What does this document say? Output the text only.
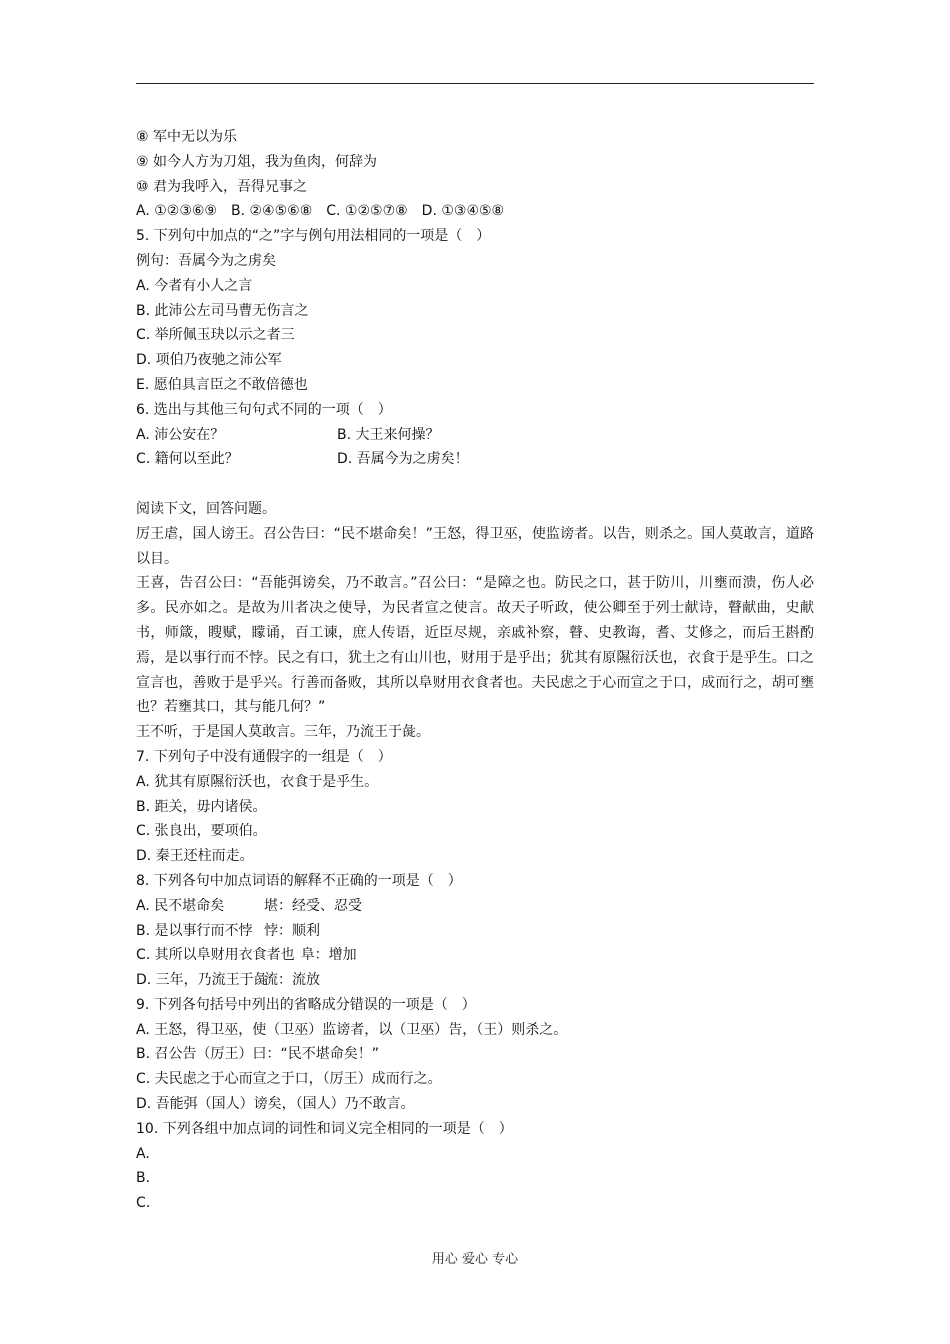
⑧ 军中无以为乐
⑨ 如今人方为刀俎，我为鱼肉，何辞为
⑩ 君为我呼入，吾得兄事之
A. ①②③⑥⑨　B. ②④⑤⑥⑧　C. ①②⑤⑦⑧　D. ①③④⑤⑧
5. 下列句中加点的“之”字与例句用法相同的一项是（　）
例句：吾属今为之虏矣
A. 今者有小人之言
B. 此沛公左司马曹无伤言之
C. 举所佩玉玦以示之者三
D. 项伯乃夜驰之沛公军
E. 愿伯具言臣之不敢倍德也
6. 选出与其他三句句式不同的一项（　）
A. 沛公安在？	B. 大王来何操？
C. 籍何以至此？	D. 吾属今为之虏矣！
阅读下文，回答问题。
厉王虐，国人谤王。召公告曰：“民不堪命矣！”王怒，得卫巫，使监谤者。以告，则杀之。国人莫敢言，道路以目。
王喜，告召公曰：“吾能弭谤矣，乃不敢言。”召公曰：“是障之也。防民之口，甚于防川，川壅而溃，伤人必多。民亦如之。是故为川者决之使导，为民者宣之使言。故天子听政，使公卿至于列士献诗，瞽献曲，史献书，师箴，瞍赋，矇诵，百工谏，庶人传语，近臣尽规，亲戚补察，瞽、史教诲，耆、艾修之，而后王斟酌焉，是以事行而不悖。民之有口，犹土之有山川也，财用于是乎出；犹其有原隰衍沃也，衣食于是乎生。口之宣言也，善败于是乎兴。行善而备败，其所以阜财用衣食者也。夫民虑之于心而宣之于口，成而行之，胡可壅也？若壅其口，其与能几何？”
王不听，于是国人莫敢言。三年，乃流王于彘。
7. 下列句子中没有通假字的一组是（　）
A. 犹其有原隰衍沃也，衣食于是乎生。
B. 距关，毋内诸侯。
C. 张良出，要项伯。
D. 秦王还柱而走。
8. 下列各句中加点词语的解释不正确的一项是（　）
A. 民不堪命矣	堪：经受、忍受
B. 是以事行而不悖 悖：顺利
C. 其所以阜财用衣食者也 阜：增加
D. 三年，乃流王于彘流：流放
9. 下列各句括号中列出的省略成分错误的一项是（　）
A. 王怒，得卫巫，使（卫巫）监谤者，以（卫巫）告，（王）则杀之。
B. 召公告（厉王）曰：“民不堪命矣！”
C. 夫民虑之于心而宣之于口，（厉王）成而行之。
D. 吾能弭（国人）谤矣，（国人）乃不敢言。
10. 下列各组中加点词的词性和词义完全相同的一项是（　）
A.
B.
C.
用心 爱心 专心
